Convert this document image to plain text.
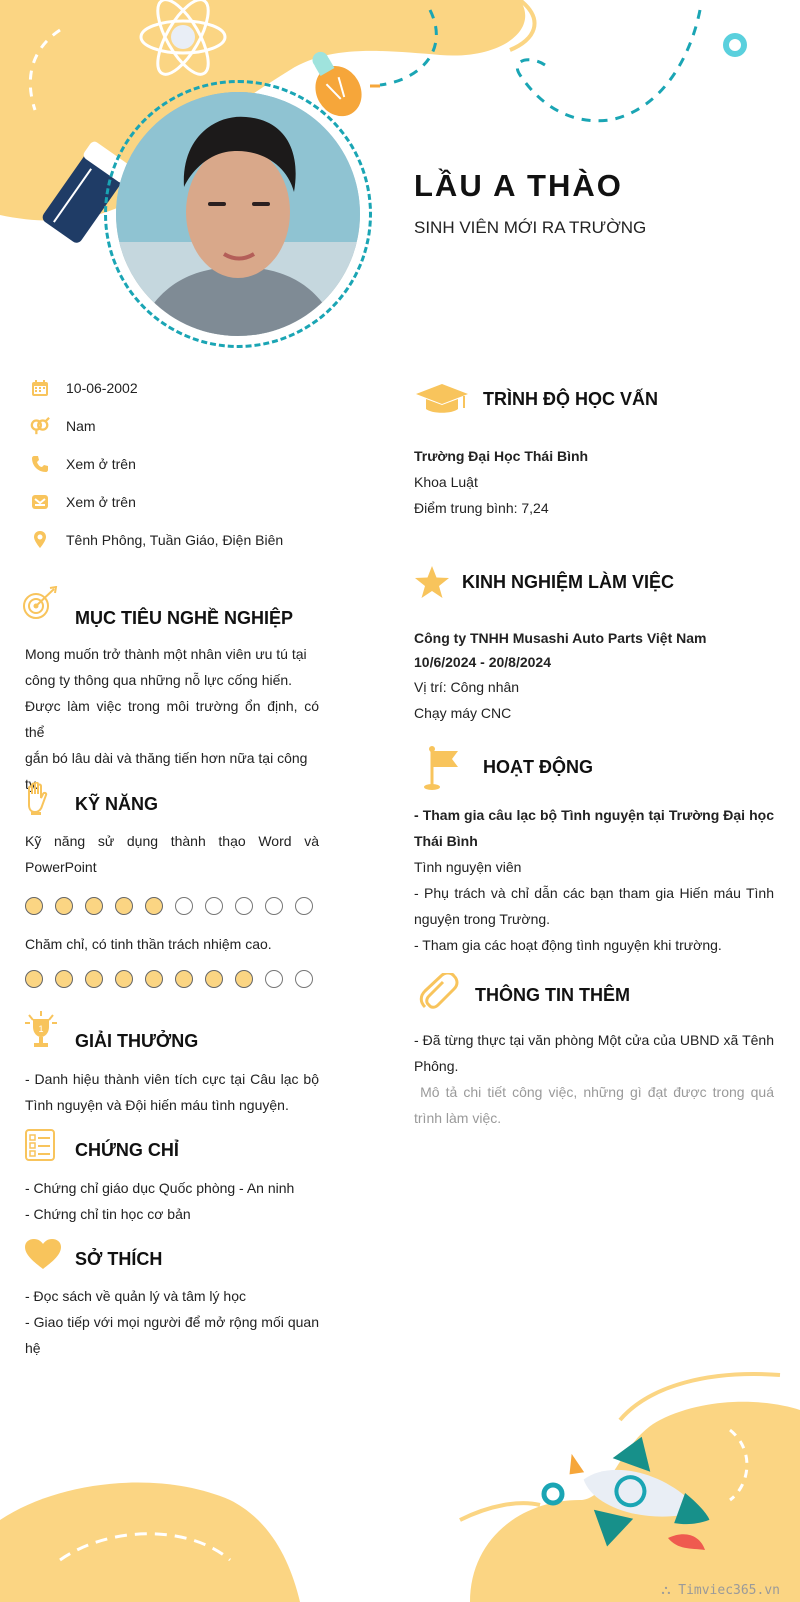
LẦU A THÀO
SINH VIÊN MỚI RA TRƯỜNG
10-06-2002
Nam
Xem ở trên
Xem ở trên
Tênh Phông, Tuần Giáo, Điện Biên
MỤC TIÊU NGHỀ NGHIỆP
Mong muốn trở thành một nhân viên ưu tú tại
công ty thông qua những nỗ lực cống hiến.
Được làm việc trong môi trường ổn định, có thể
gắn bó lâu dài và thăng tiến hơn nữa tại công
ty.
KỸ NĂNG
Kỹ năng sử dụng thành thạo Word và
PowerPoint
Chăm chỉ, có tinh thần trách nhiệm cao.
1
GIẢI THƯỞNG
- Danh hiệu thành viên tích cực tại Câu lạc bộ
Tình nguyện và Đội hiến máu tình nguyện.
CHỨNG CHỈ
- Chứng chỉ giáo dục Quốc phòng - An ninh
- Chứng chỉ tin học cơ bản
SỞ THÍCH
- Đọc sách về quản lý và tâm lý học
- Giao tiếp với mọi người để mở rộng mối quan
hệ
TRÌNH ĐỘ HỌC VẤN
Trường Đại Học Thái Bình
Khoa Luật
Điểm trung bình: 7,24
KINH NGHIỆM LÀM VIỆC
Công ty TNHH Musashi Auto Parts Việt Nam
10/6/2024 - 20/8/2024
Vị trí: Công nhân
Chạy máy CNC
HOẠT ĐỘNG
- Tham gia câu lạc bộ Tình nguyện tại Trường Đại học
Thái Bình
Tình nguyện viên
- Phụ trách và chỉ dẫn các bạn tham gia Hiến máu Tình
nguyện trong Trường.
- Tham gia các hoạt động tình nguyện khi trường.
THÔNG TIN THÊM
- Đã từng thực tại văn phòng Một cửa của UBND xã Tênh
Phông.
Mô tả chi tiết công việc, những gì đạt được trong quá
trình làm việc.
⛬ Timviec365.vn
